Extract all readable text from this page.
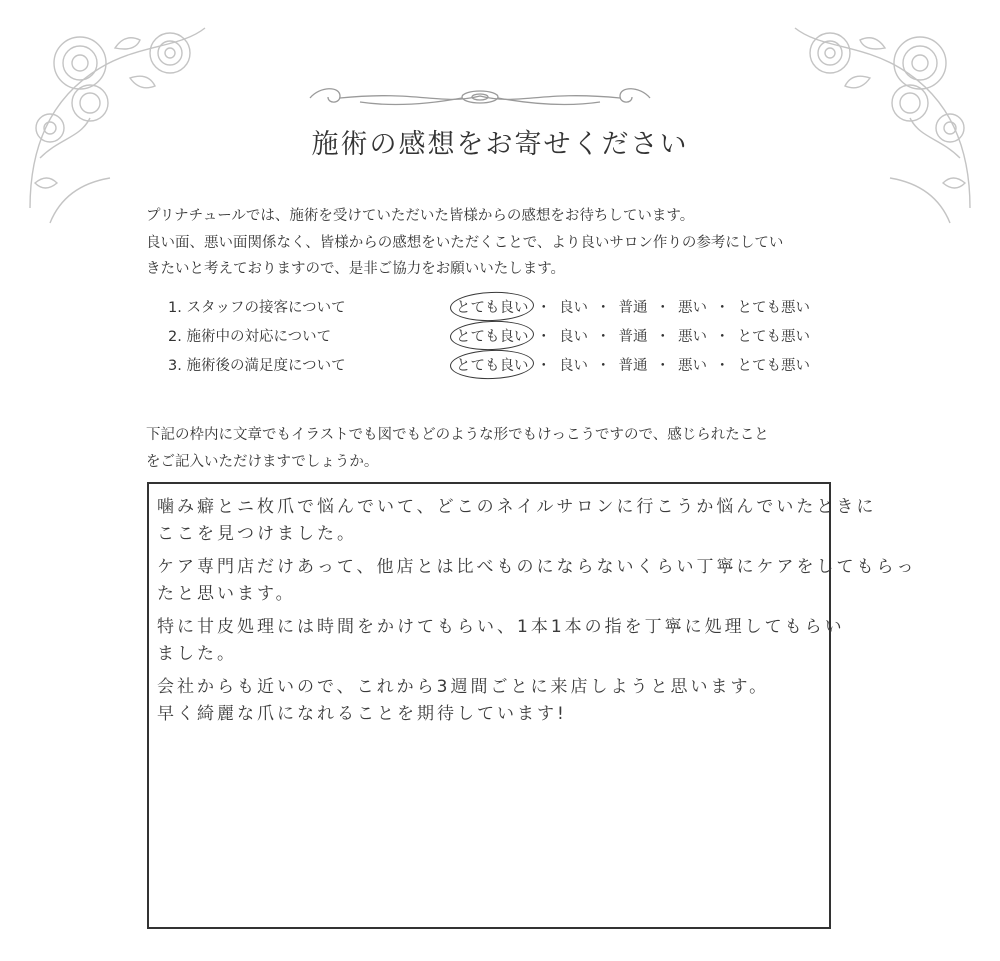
施術の感想をお寄せください
プリナチュールでは、施術を受けていただいた皆様からの感想をお待ちしています。
良い面、悪い面関係なく、皆様からの感想をいただくことで、より良いサロン作りの参考にしてい
きたいと考えておりますので、是非ご協力をお願いいたします。
1. スタッフの接客について	とても良い ・ 良い ・ 普通 ・ 悪い ・ とても悪い
2. 施術中の対応について	とても良い ・ 良い ・ 普通 ・ 悪い ・ とても悪い
3. 施術後の満足度について	とても良い ・ 良い ・ 普通 ・ 悪い ・ とても悪い
下記の枠内に文章でもイラストでも図でもどのような形でもけっこうですので、感じられたこと
をご記入いただけますでしょうか。
噛み癖とニ枚爪で悩んでいて、どこのネイルサロンに行こうか悩んでいたときに
ここを見つけました。
ケア専門店だけあって、他店とは比べものにならないくらい丁寧にケアをしてもらっ
たと思います。
特に甘皮処理には時間をかけてもらい、1本1本の指を丁寧に処理してもらい
ました。
会社からも近いので、これから3週間ごとに来店しようと思います。
早く綺麗な爪になれることを期待しています!
